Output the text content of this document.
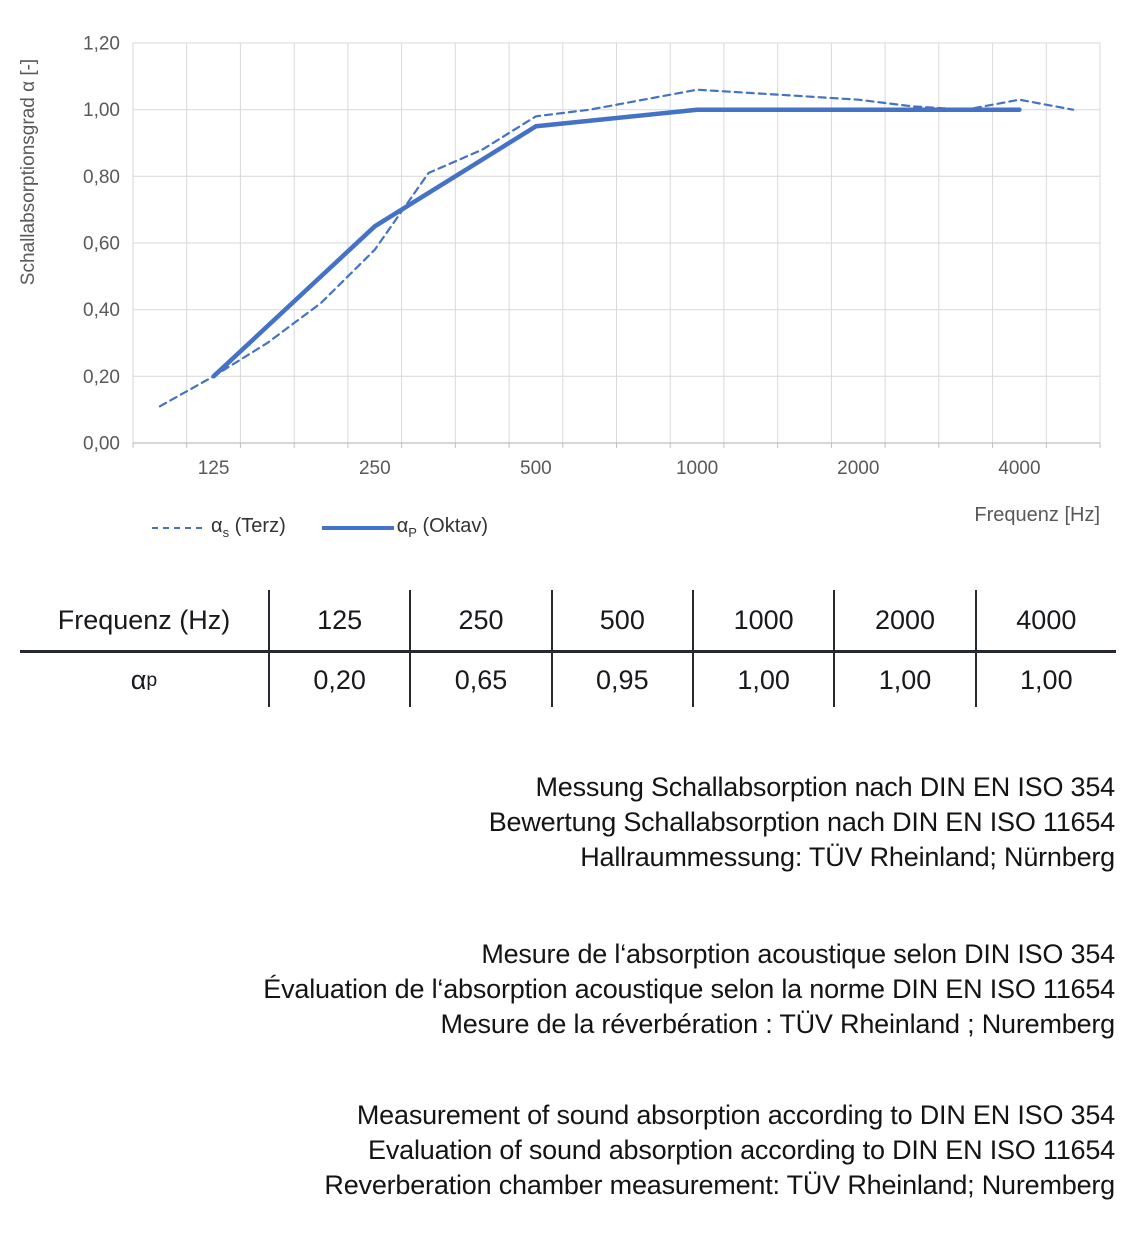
0,00
0,20
0,40
0,60
0,80
1,00
1,20
125	250	500	1000	2000	4000
Frequenz [Hz]
Schallabsorptionsgrad α [-]
$\alpha_s$ (Terz)	$\alpha_P$ (Oktav)
Frequenz (Hz)	125	250	500	1000	2000	4000
α p	0,20	0,65	0,95	1,00	1,00	1,00
Messung Schallabsorption nach DIN EN ISO 354
Bewertung Schallabsorption nach DIN EN ISO 11654
Hallraummessung: TÜV Rheinland; Nürnberg
Mesure de l‘absorption acoustique selon DIN ISO 354
Évaluation de l‘absorption acoustique selon la norme DIN EN ISO 11654
Mesure de la réverbération : TÜV Rheinland ; Nuremberg
Measurement of sound absorption according to DIN EN ISO 354
Evaluation of sound absorption according to DIN EN ISO 11654
Reverberation chamber measurement: TÜV Rheinland; Nuremberg
